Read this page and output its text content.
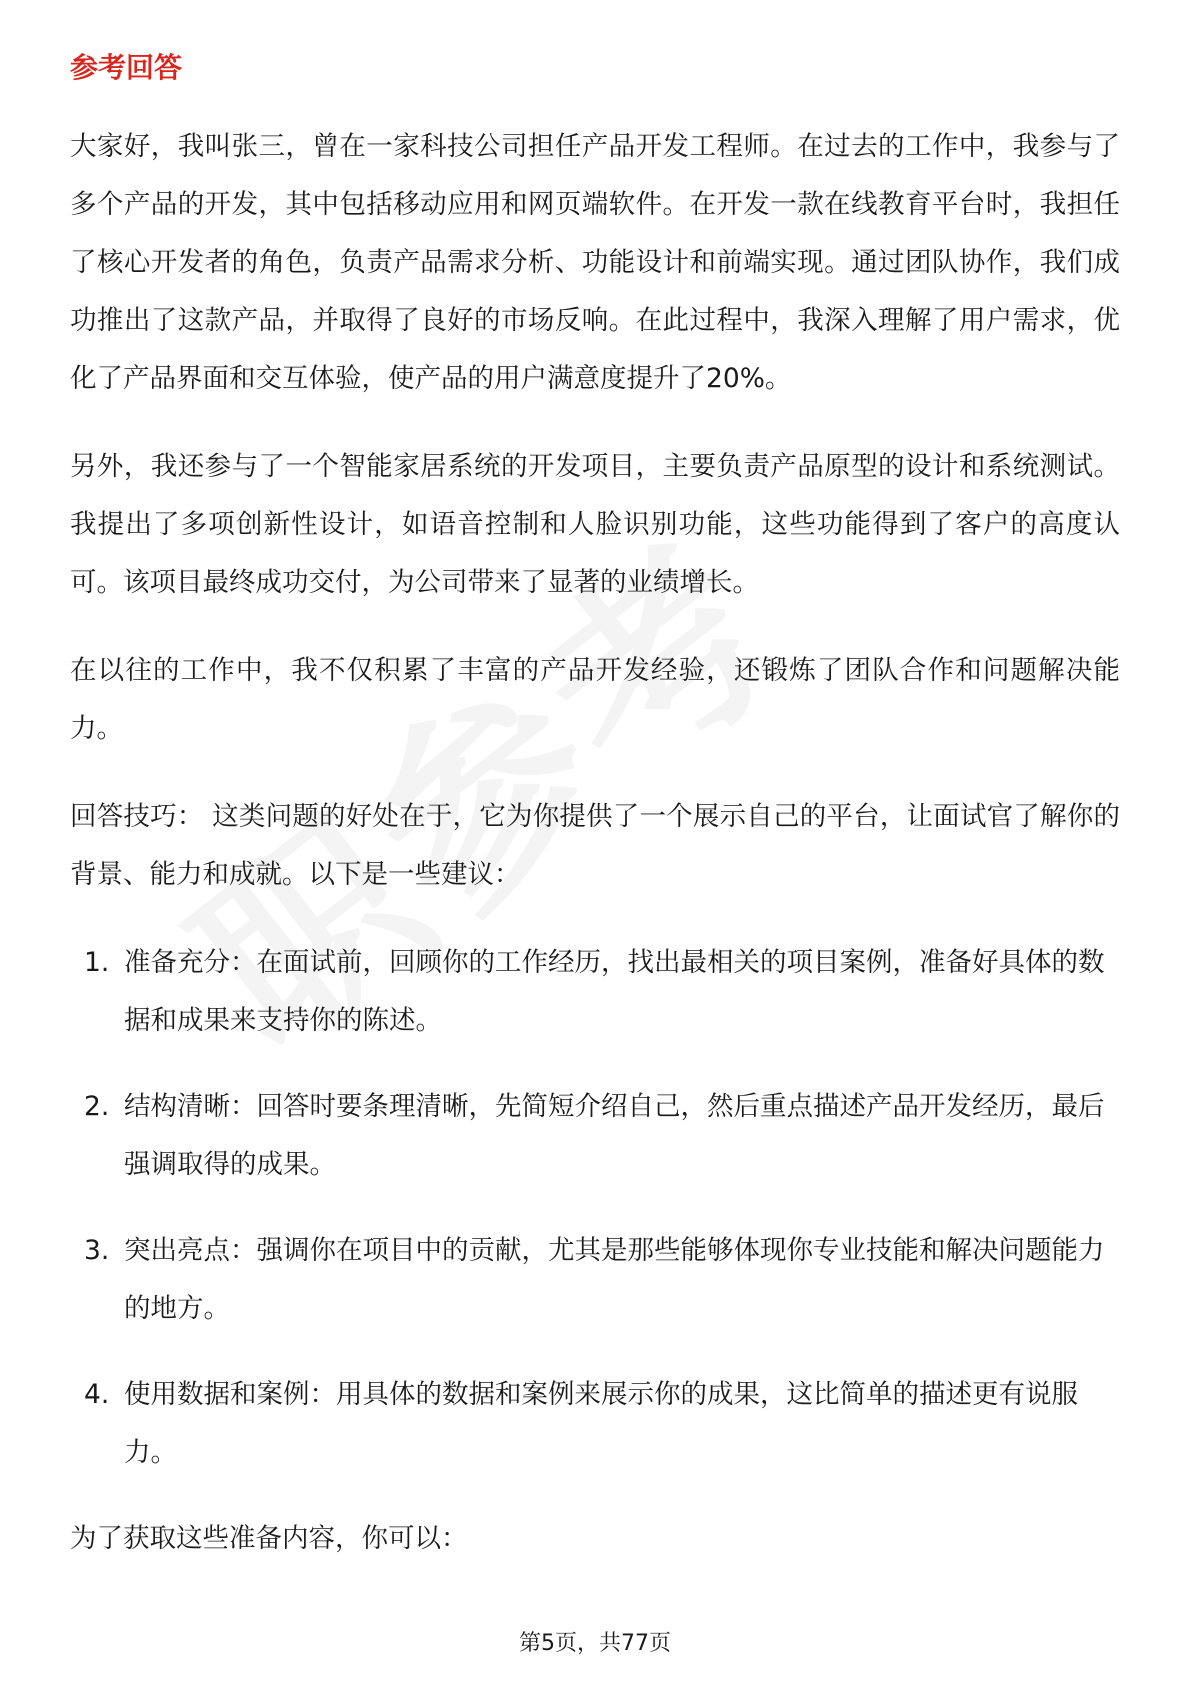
参考回答

大家好，我叫张三，曾在一家科技公司担任产品开发工程师。在过去的工作中，我参与了多个产品的开发，其中包括移动应用和网页端软件。在开发一款在线教育平台时，我担任了核心开发者的角色，负责产品需求分析、功能设计和前端实现。通过团队协作，我们成功推出了这款产品，并取得了良好的市场反响。在此过程中，我深入理解了用户需求，优化了产品界面和交互体验，使产品的用户满意度提升了20%。

另外，我还参与了一个智能家居系统的开发项目，主要负责产品原型的设计和系统测试。我提出了多项创新性设计，如语音控制和人脸识别功能，这些功能得到了客户的高度认可。该项目最终成功交付，为公司带来了显著的业绩增长。

在以往的工作中，我不仅积累了丰富的产品开发经验，还锻炼了团队合作和问题解决能力。

回答技巧： 这类问题的好处在于，它为你提供了一个展示自己的平台，让面试官了解你的背景、能力和成就。以下是一些建议：

1. 准备充分：在面试前，回顾你的工作经历，找出最相关的项目案例，准备好具体的数据和成果来支持你的陈述。
2. 结构清晰：回答时要条理清晰，先简短介绍自己，然后重点描述产品开发经历，最后强调取得的成果。
3. 突出亮点：强调你在项目中的贡献，尤其是那些能够体现你专业技能和解决问题能力的地方。
4. 使用数据和案例：用具体的数据和案例来展示你的成果，这比简单的描述更有说服力。

为了获取这些准备内容，你可以：

第5页，共77页
